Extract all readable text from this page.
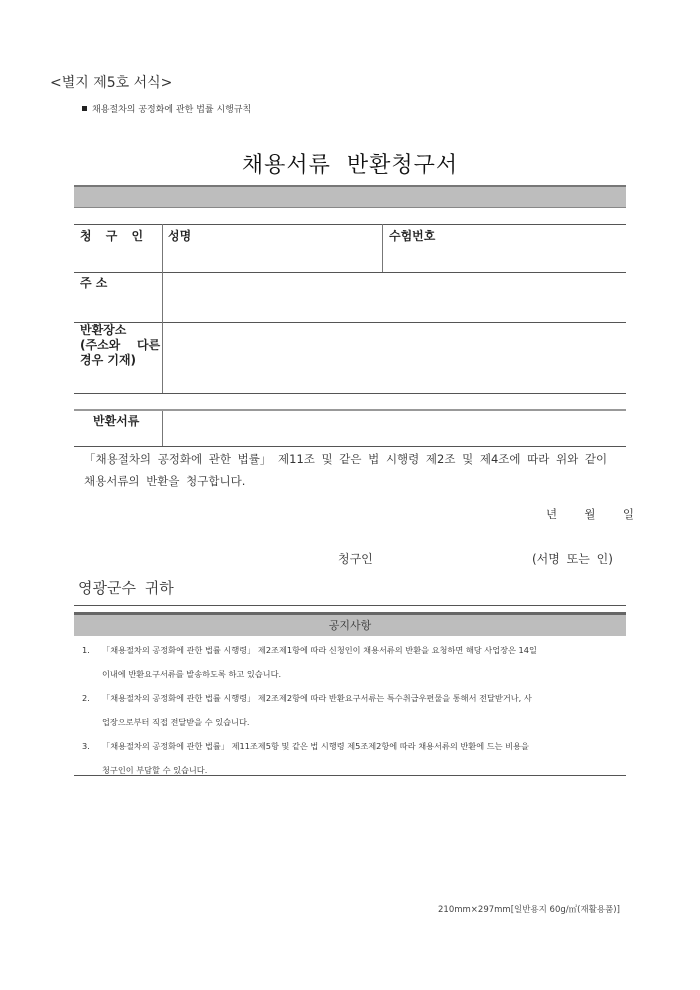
<별지 제5호 서식>
채용절차의 공정화에 관한 법률 시행규칙
채용서류 반환청구서
청 구 인 성명	수험번호
주 소
반환장소
(주소와    다른
경우 기재)
반환서류
「채용절차의 공정화에 관한 법률」 제11조 및 같은 법 시행령 제2조 및 제4조에 따라 위와 같이
채용서류의 반환을 청구합니다.
년 월 일
청구인	(서명 또는 인)
영광군수 귀하
공지사항
1. 「채용절차의 공정화에 관한 법률 시행령」 제2조제1항에 따라 신청인이 채용서류의 반환을 요청하면 해당 사업장은 14일
이내에 반환요구서류를 발송하도록 하고 있습니다.
2. 「채용절차의 공정화에 관한 법률 시행령」 제2조제2항에 따라 반환요구서류는 특수취급우편물을 통해서 전달받거나, 사
업장으로부터 직접 전달받을 수 있습니다.
3. 「채용절차의 공정화에 관한 법률」 제11조제5항 및 같은 법 시행령 제5조제2항에 따라 채용서류의 반환에 드는 비용을
청구인이 부담할 수 있습니다.
210mm×297mm[일반용지 60g/㎡(재활용품)]
